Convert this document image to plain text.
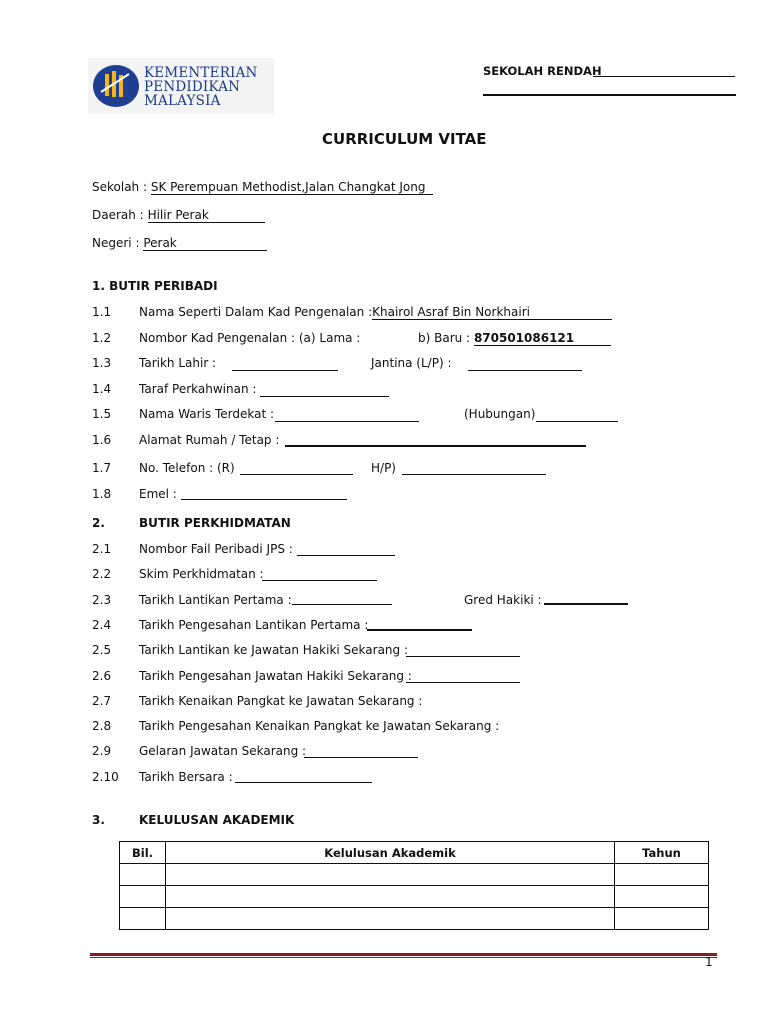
KEMENTERIAN
PENDIDIKAN
MALAYSIA
SEKOLAH RENDAH
CURRICULUM VITAE
Sekolah : SK Perempuan Methodist,Jalan Changkat Jong
Daerah : Hilir Perak
Negeri : Perak
1. BUTIR PERIBADI
1.1 Nama Seperti Dalam Kad Pengenalan :Khairol Asraf Bin Norkhairi
1.2 Nombor Kad Pengenalan : (a) Lama :	b) Baru : 870501086121
1.3 Tarikh Lahir :	Jantina (L/P) :
1.4 Taraf Perkahwinan :
1.5 Nama Waris Terdekat :	(Hubungan)
1.6 Alamat Rumah / Tetap :
1.7 No. Telefon : (R)	H/P)
1.8 Emel :
2.	BUTIR PERKHIDMATAN
2.1 Nombor Fail Peribadi JPS :
2.2 Skim Perkhidmatan :
2.3 Tarikh Lantikan Pertama :	Gred Hakiki :
2.4 Tarikh Pengesahan Lantikan Pertama :
2.5 Tarikh Lantikan ke Jawatan Hakiki Sekarang :
2.6 Tarikh Pengesahan Jawatan Hakiki Sekarang :
2.7 Tarikh Kenaikan Pangkat ke Jawatan Sekarang :
2.8 Tarikh Pengesahan Kenaikan Pangkat ke Jawatan Sekarang :
2.9 Gelaran Jawatan Sekarang :
2.10 Tarikh Bersara :
3.	KELULUSAN AKADEMIK
Bil.	Kelulusan Akademik	Tahun

1
